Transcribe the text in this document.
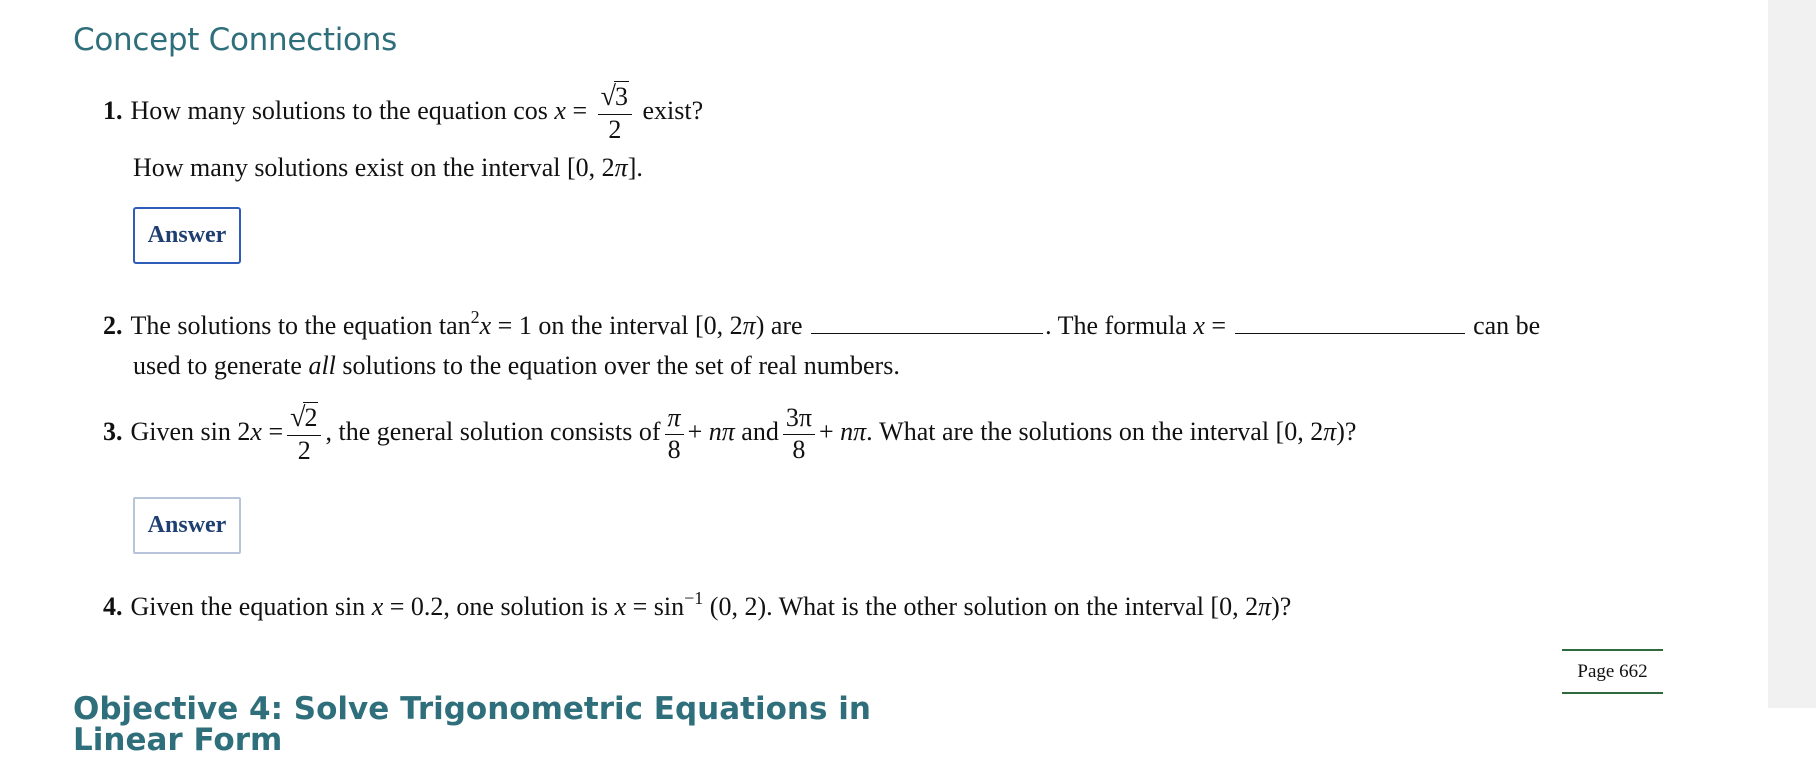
Concept Connections
1. How many solutions to the equation $\cos x = \frac{√3}{2}$ exist?
How many solutions exist on the interval [0, 2π].
Answer
2. The solutions to the equation $\tan^2x = 1$ on the interval [0, 2π) are	. The formula x =	can be
used to generate all solutions to the equation over the set of real numbers.
3. Given $\sin 2x = \frac{√2}{2}$ , the general solution consists of $\frac{\pi}{8} + n\pi$ and $\frac{3\pi}{8} + n\pi$. What are the solutions on the interval [0, 2π)?
Answer
4. Given the equation sin x = 0.2, one solution is $x = \sin^{-1} (0$, 2). What is the other solution on the interval [0, 2π)?
Page 662
Objective 4: Solve Trigonometric Equations in Linear Form
